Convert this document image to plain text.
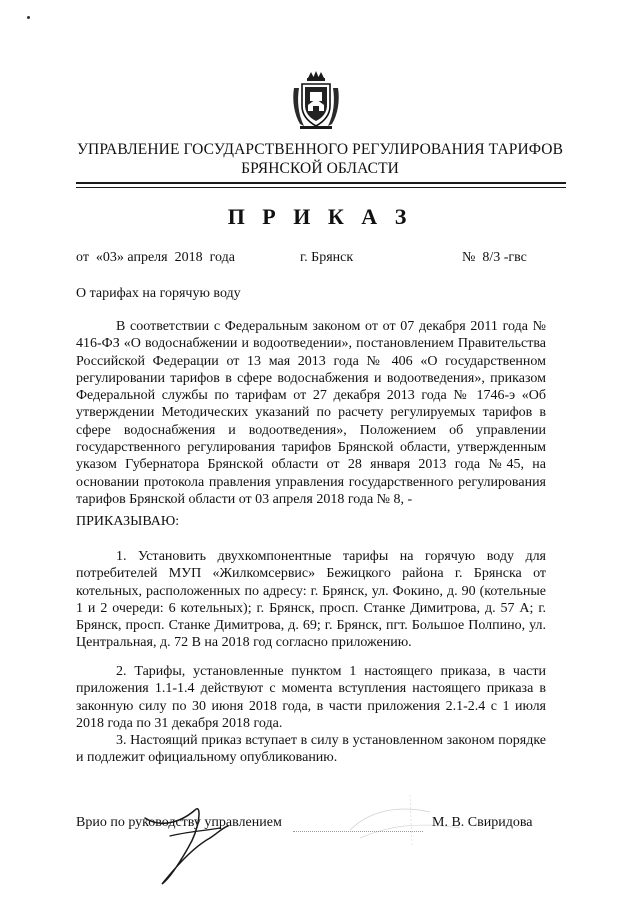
УПРАВЛЕНИЕ ГОСУДАРСТВЕННОГО РЕГУЛИРОВАНИЯ ТАРИФОВ
БРЯНСКОЙ ОБЛАСТИ
П Р И К А З
от  «03» апреля  2018  года	г. Брянск	№  8/3 -гвс
О тарифах на горячую воду

В соответствии с Федеральным законом от от 07 декабря 2011 года № 416-ФЗ «О водоснабжении и водоотведении», постановлением Правительства Российской Федерации от 13 мая 2013 года № 406 «О государственном регулировании тарифов в сфере водоснабжения и водоотведения», приказом Федеральной службы по тарифам от 27 декабря 2013 года № 1746-э «Об утверждении Методических указаний по расчету регулируемых тарифов в сфере водоснабжения и водоотведения», Положением об управлении государственного регулирования тарифов Брянской области, утвержденным указом Губернатора Брянской области от 28 января 2013 года №45, на основании протокола правления управления государственного регулирования тарифов Брянской области от 03 апреля 2018 года № 8, -

ПРИКАЗЫВАЮ:

1. Установить двухкомпонентные тарифы на горячую воду для потребителей МУП «Жилкомсервис» Бежицкого района г. Брянска от котельных, расположенных по адресу: г. Брянск, ул. Фокино, д. 90 (котельные 1 и 2 очереди: 6 котельных); г. Брянск, просп. Станке Димитрова, д. 57 А; г. Брянск, просп. Станке Димитрова, д. 69; г. Брянск, пгт. Большое Полпино, ул. Центральная, д. 72 В на 2018 год согласно приложению.

2. Тарифы, установленные пунктом 1 настоящего приказа, в части приложения 1.1-1.4 действуют с момента вступления настоящего приказа в законную силу по 30 июня 2018 года, в части приложения 2.1-2.4 с 1 июля 2018 года по 31 декабря 2018 года.

3. Настоящий приказ вступает в силу в установленном законом порядке и подлежит официальному опубликованию.

Врио по руководству управлением	М. В. Свиридова
